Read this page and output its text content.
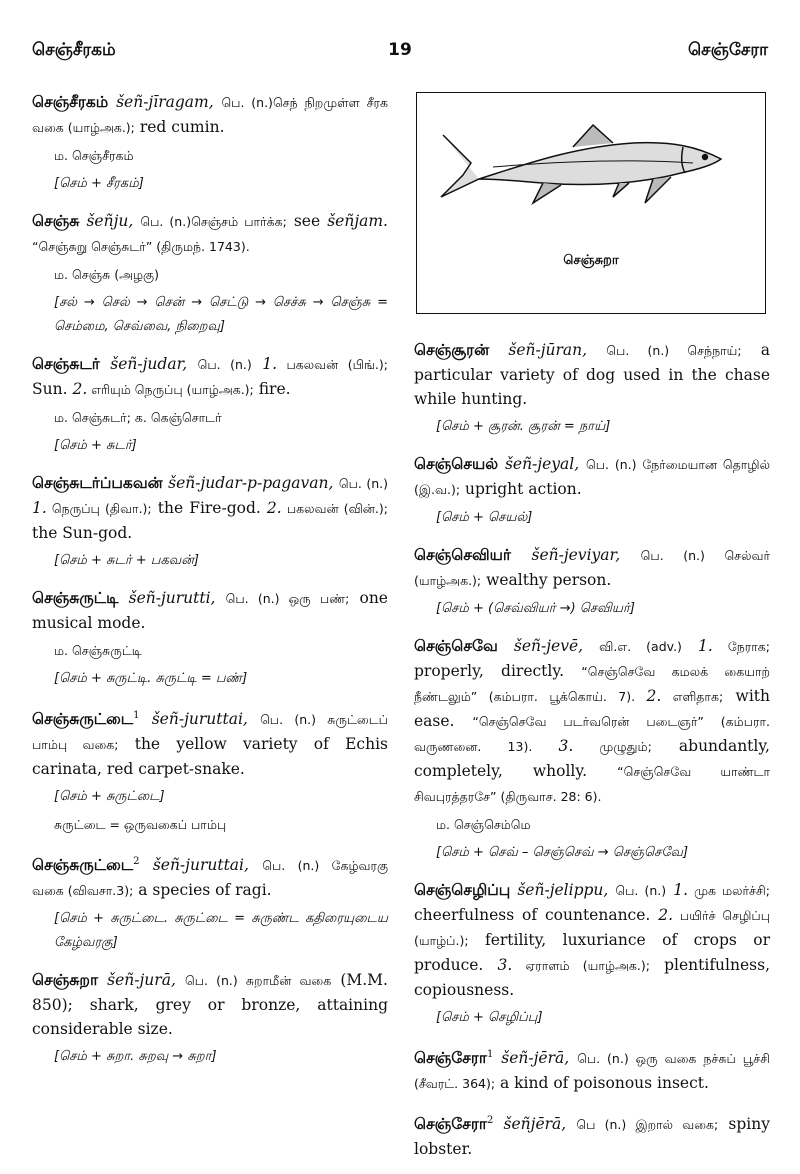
செஞ்சீரகம்	19	செஞ்சேரா
செஞ்சுறா
செஞ்சீரகம் šeñ-jīragam, பெ. (n.)செந் நிறமுள்ள சீரக வகை (யாழ்அக.); red cumin.
ம. செஞ்சீரகம்
[செம் + சீரகம்]
செஞ்சு šeñju, பெ. (n.)செஞ்சம் பார்க்க; see šeñjam. “செஞ்சுறு செஞ்சுடர்” (திருமந். 1743).
ம. செஞ்சு (அழகு)
[சல் → செல் → சென் → செட்டு → செச்சு → செஞ்சு = செம்மை, செவ்வை, நிறைவு]
செஞ்சுடர் šeñ-judar, பெ. (n.) 1. பகலவன் (பிங்.); Sun. 2. எரியும் நெருப்பு (யாழ்அக.); fire.
ம. செஞ்சுடர்; க. கெஞ்சொடர்
[செம் + சுடர்]
செஞ்சுடர்ப்பகவன் šeñ-judar-p-pagavan, பெ. (n.) 1. நெருப்பு (திவா.); the Fire-god. 2. பகலவன் (வின்.); the Sun-god.
[செம் + சுடர் + பகவன்]
செஞ்சுருட்டி šeñ-jurutti, பெ. (n.) ஒரு பண்; one musical mode.
ம. செஞ்சுருட்டி
[செம் + சுருட்டி. சுருட்டி = பண்]
செஞ்சுருட்டை$^1$ šeñ-juruttai, பெ. (n.) சுருட்டைப் பாம்பு வகை; the yellow variety of Echis carinata, red carpet-snake.
[செம் + சுருட்டை]
சுருட்டை = ஒருவகைப் பாம்பு
செஞ்சுருட்டை$^2$ šeñ-juruttai, பெ. (n.) கேழ்வரகு வகை (விவசா.3); a species of ragi.
[செம் + சுருட்டை. சுருட்டை = சுருண்ட கதிரையுடைய கேழ்வரகு]
செஞ்சுறா šeñ-jurā, பெ. (n.) சுறாமீன் வகை (M.M. 850); shark, grey or bronze, attaining considerable size.
[செம் + சுறா. சுறவு → சுறா]
செஞ்சூரன் šeñ-jūran, பெ. (n.) செந்நாய்; a particular variety of dog used in the chase while hunting.
[செம் + சூரன். சூரன் = நாய்]
செஞ்செயல் šeñ-jeyal, பெ. (n.) நேர்மையான தொழில் (இ.வ.); upright action.
[செம் + செயல்]
செஞ்செவியர் šeñ-jeviyar, பெ. (n.) செல்வர் (யாழ்அக.); wealthy person.
[செம் + (செவ்வியர் →) செவியர்]
செஞ்செவே šeñ-jevē, வி.எ. (adv.) 1. நேராக; properly, directly. “செஞ்செவே கமலக் கையாற் நீண்டலும்” (கம்பரா. பூக்கொய். 7). 2. எளிதாக; with ease. “செஞ்செவே படர்வரென் படைஞர்” (கம்பரா. வருணனை. 13). 3. முழுதும்; abundantly, completely, wholly. “செஞ்செவே யாண்டா சிவபுரத்தரசே” (திருவாச. 28: 6).
ம. செஞ்செம்மெ
[செம் + செவ் – செஞ்செவ் → செஞ்செவே]
செஞ்செழிப்பு šeñ-jelippu, பெ. (n.) 1. முக மலர்ச்சி; cheerfulness of countenance. 2. பயிர்ச் செழிப்பு (யாழ்ப்.); fertility, luxuriance of crops or produce. 3. ஏராளம் (யாழ்அக.); plentifulness, copiousness.
[செம் + செழிப்பு]
செஞ்சேரா$^1$ šeñ-jērā, பெ. (n.) ஒரு வகை நச்சுப் பூச்சி (சீவரட். 364); a kind of poisonous insect.
செஞ்சேரா$^2$ šeñjērā, பெ (n.) இறால் வகை; spiny lobster.
